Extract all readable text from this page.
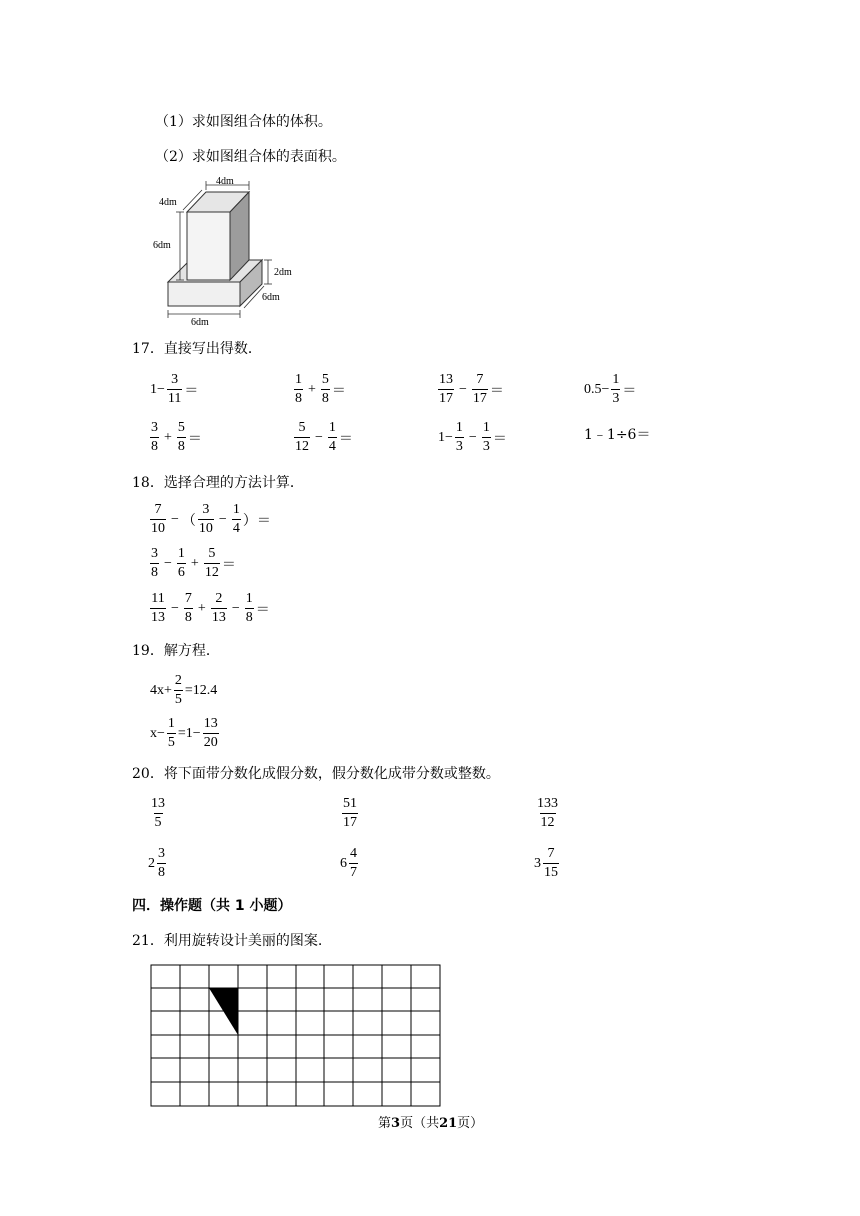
（1）求如图组合体的体积。
（2）求如图组合体的表面积。
4dm
4dm
6dm
2dm
6dm
6dm
17．直接写出得数．
$1- \frac{3}{11}$ ＝	$\frac{1}{8} + \frac{5}{8}$ ＝	$\frac{13}{17} - \frac{7}{17}$ ＝	$0.5- \frac{1}{3}$ ＝
$\frac{3}{8} + \frac{5}{8}$ ＝	$\frac{5}{12} - \frac{1}{4}$ ＝	$1- \frac{1}{3} - \frac{1}{3}$ ＝	1﹣1÷6＝
18．选择合理的方法计算．
$\frac{7}{10}$ − （ $\frac{3}{10} - \frac{1}{4}$ ） ＝
$\frac{3}{8} - \frac{1}{6} + \frac{5}{12}$ ＝
$\frac{11}{13} - \frac{7}{8} + \frac{2}{13} - \frac{1}{8}$ ＝
19．解方程．
$4x+ \frac{2}{5} =12.4$
$x- \frac{1}{5} =1- \frac{13}{20}$
20．将下面带分数化成假分数，假分数化成带分数或整数。
$\frac{13}{5}$	$\frac{51}{17}$	$\frac{133}{12}$
$2 \frac{3}{8}$	$6 \frac{4}{7}$	$3 \frac{7}{15}$
四．操作题（共 1 小题）
21．利用旋转设计美丽的图案.
第3页（共21页）
